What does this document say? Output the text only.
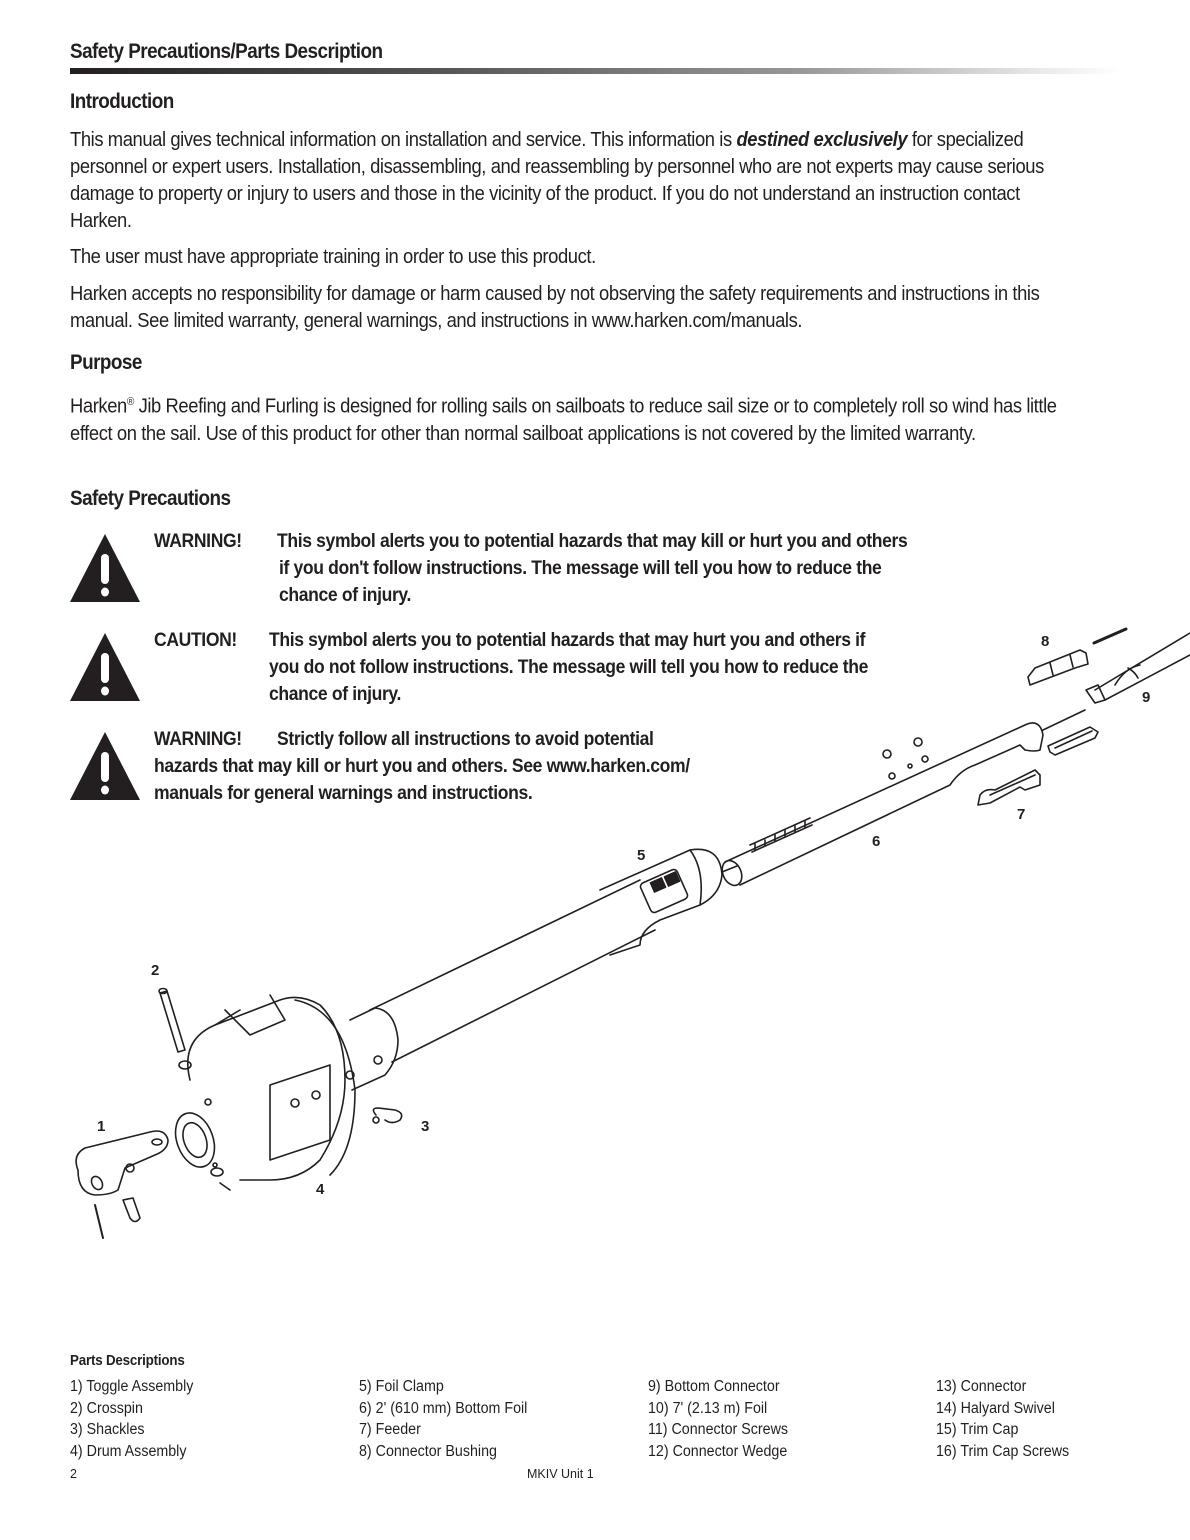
Safety Precautions/Parts Description
Introduction
This manual gives technical information on installation and service. This information is destined exclusively for specialized personnel or expert users. Installation, disassembling, and reassembling by personnel who are not experts may cause serious damage to property or injury to users and those in the vicinity of the product. If you do not understand an instruction contact Harken.
The user must have appropriate training in order to use this product.
Harken accepts no responsibility for damage or harm caused by not observing the safety requirements and instructions in this manual. See limited warranty, general warnings, and instructions in www.harken.com/manuals.
Purpose
Harken® Jib Reefing and Furling is designed for rolling sails on sailboats to reduce sail size or to completely roll so wind has little effect on the sail. Use of this product for other than normal sailboat applications is not covered by the limited warranty.
Safety Precautions
WARNING! This symbol alerts you to potential hazards that may kill or hurt you and others
if you don't follow instructions. The message will tell you how to reduce the
chance of injury.
CAUTION! This symbol alerts you to potential hazards that may hurt you and others if
you do not follow instructions. The message will tell you how to reduce the
chance of injury.
WARNING! Strictly follow all instructions to avoid potential
hazards that may kill or hurt you and others. See www.harken.com/
manuals for general warnings and instructions.
1
2
3
4
5
6
7
8
9
Parts Descriptions
1) Toggle Assembly
2) Crosspin
3) Shackles
4) Drum Assembly
5) Foil Clamp
6) 2' (610 mm) Bottom Foil
7) Feeder
8) Connector Bushing
9) Bottom Connector
10) 7' (2.13 m) Foil
11) Connector Screws
12) Connector Wedge
13) Connector
14) Halyard Swivel
15) Trim Cap
16) Trim Cap Screws
2	MKIV Unit 1
